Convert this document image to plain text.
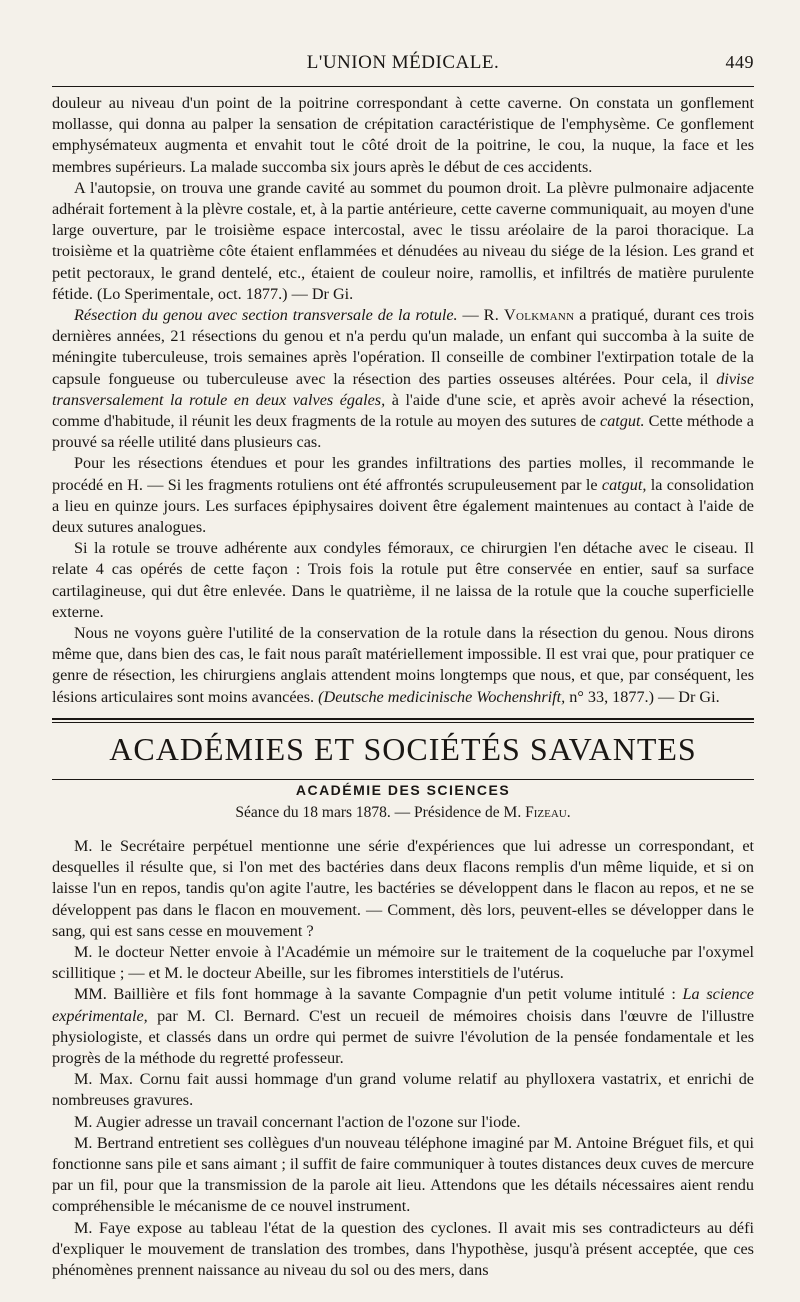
L'UNION MÉDICALE.	449

douleur au niveau d'un point de la poitrine correspondant à cette caverne. On constata un gonflement mollasse, qui donna au palper la sensation de crépitation caractéristique de l'emphysème. Ce gonflement emphysémateux augmenta et envahit tout le côté droit de la poitrine, le cou, la nuque, la face et les membres supérieurs. La malade succomba six jours après le début de ces accidents.

A l'autopsie, on trouva une grande cavité au sommet du poumon droit. La plèvre pulmonaire adjacente adhérait fortement à la plèvre costale, et, à la partie antérieure, cette caverne communiquait, au moyen d'une large ouverture, par le troisième espace intercostal, avec le tissu aréolaire de la paroi thoracique. La troisième et la quatrième côte étaient enflammées et dénudées au niveau du siége de la lésion. Les grand et petit pectoraux, le grand dentelé, etc., étaient de couleur noire, ramollis, et infiltrés de matière purulente fétide. (Lo Sperimentale, oct. 1877.) — Dr Gi.

Résection du genou avec section transversale de la rotule. — R. Volkmann a pratiqué, durant ces trois dernières années, 21 résections du genou et n'a perdu qu'un malade, un enfant qui succomba à la suite de méningite tuberculeuse, trois semaines après l'opération. Il conseille de combiner l'extirpation totale de la capsule fongueuse ou tuberculeuse avec la résection des parties osseuses altérées. Pour cela, il divise transversalement la rotule en deux valves égales, à l'aide d'une scie, et après avoir achevé la résection, comme d'habitude, il réunit les deux fragments de la rotule au moyen des sutures de catgut. Cette méthode a prouvé sa réelle utilité dans plusieurs cas.

Pour les résections étendues et pour les grandes infiltrations des parties molles, il recommande le procédé en H. — Si les fragments rotuliens ont été affrontés scrupuleusement par le catgut, la consolidation a lieu en quinze jours. Les surfaces épiphysaires doivent être également maintenues au contact à l'aide de deux sutures analogues.

Si la rotule se trouve adhérente aux condyles fémoraux, ce chirurgien l'en détache avec le ciseau. Il relate 4 cas opérés de cette façon : Trois fois la rotule put être conservée en entier, sauf sa surface cartilagineuse, qui dut être enlevée. Dans le quatrième, il ne laissa de la rotule que la couche superficielle externe.

Nous ne voyons guère l'utilité de la conservation de la rotule dans la résection du genou. Nous dirons même que, dans bien des cas, le fait nous paraît matériellement impossible. Il est vrai que, pour pratiquer ce genre de résection, les chirurgiens anglais attendent moins longtemps que nous, et que, par conséquent, les lésions articulaires sont moins avancées. (Deutsche medicinische Wochenshrift, n° 33, 1877.) — Dr Gi.

ACADÉMIES ET SOCIÉTÉS SAVANTES
ACADÉMIE DES SCIENCES
Séance du 18 mars 1878. — Présidence de M. Fizeau.

M. le Secrétaire perpétuel mentionne une série d'expériences que lui adresse un correspondant, et desquelles il résulte que, si l'on met des bactéries dans deux flacons remplis d'un même liquide, et si on laisse l'un en repos, tandis qu'on agite l'autre, les bactéries se développent dans le flacon au repos, et ne se développent pas dans le flacon en mouvement. — Comment, dès lors, peuvent-elles se développer dans le sang, qui est sans cesse en mouvement ?

M. le docteur Netter envoie à l'Académie un mémoire sur le traitement de la coqueluche par l'oxymel scillitique ; — et M. le docteur Abeille, sur les fibromes interstitiels de l'utérus.

MM. Baillière et fils font hommage à la savante Compagnie d'un petit volume intitulé : La science expérimentale, par M. Cl. Bernard. C'est un recueil de mémoires choisis dans l'œuvre de l'illustre physiologiste, et classés dans un ordre qui permet de suivre l'évolution de la pensée fondamentale et les progrès de la méthode du regretté professeur.

M. Max. Cornu fait aussi hommage d'un grand volume relatif au phylloxera vastatrix, et enrichi de nombreuses gravures.

M. Augier adresse un travail concernant l'action de l'ozone sur l'iode.

M. Bertrand entretient ses collègues d'un nouveau téléphone imaginé par M. Antoine Bréguet fils, et qui fonctionne sans pile et sans aimant ; il suffit de faire communiquer à toutes distances deux cuves de mercure par un fil, pour que la transmission de la parole ait lieu. Attendons que les détails nécessaires aient rendu compréhensible le mécanisme de ce nouvel instrument.

M. Faye expose au tableau l'état de la question des cyclones. Il avait mis ses contradicteurs au défi d'expliquer le mouvement de translation des trombes, dans l'hypothèse, jusqu'à présent acceptée, que ces phénomènes prennent naissance au niveau du sol ou des mers, dans
